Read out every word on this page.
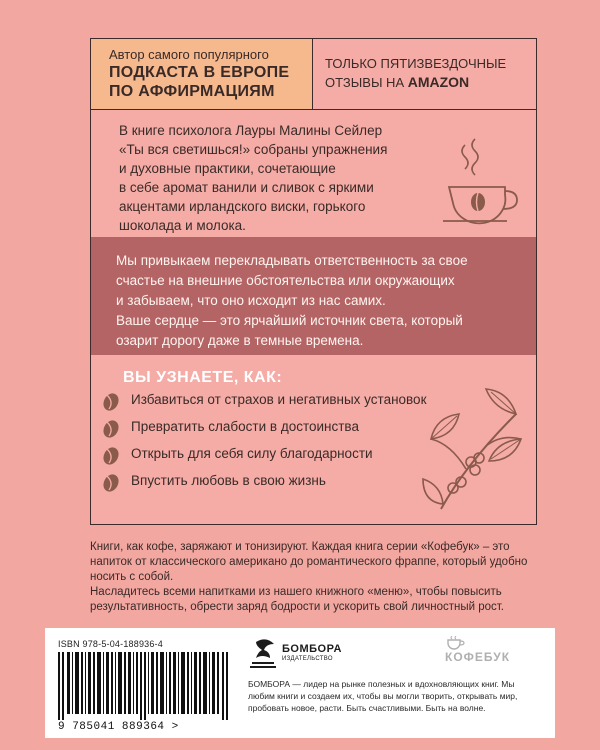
Автор самого популярного
ПОДКАСТА В ЕВРОПЕ
ПО АФФИРМАЦИЯМ
ТОЛЬКО ПЯТИЗВЕЗДОЧНЫЕ
ОТЗЫВЫ НА AMAZON
В книге психолога Лауры Малины Сейлер
«Ты вся светишься!» собраны упражнения
и духовные практики, сочетающие
в себе аромат ванили и сливок с яркими
акцентами ирландского виски, горького
шоколада и молока.
Мы привыкаем перекладывать ответственность за свое
счастье на внешние обстоятельства или окружающих
и забываем, что оно исходит из нас самих.
Ваше сердце — это ярчайший источник света, который
озарит дорогу даже в темные времена.
ВЫ УЗНАЕТЕ, КАК:
Избавиться от страхов и негативных установок
Превратить слабости в достоинства
Открыть для себя силу благодарности
Впустить любовь в свою жизнь
Книги, как кофе, заряжают и тонизируют. Каждая книга серии «Кофебук» – это напиток от классического американо до романтического фраппе, который удобно носить с собой.
Насладитесь всеми напитками из нашего книжного «меню», чтобы повысить результативность, обрести заряд бодрости и ускорить свой личностный рост.
ISBN 978-5-04-188936-4
9 785041 889364 >
БОМБОРА
ИЗДАТЕЛЬСТВО
БОМБОРА — лидер на рынке полезных и вдохновляющих книг. Мы любим книги и создаем их, чтобы вы могли творить, открывать мир, пробовать новое, расти. Быть счастливыми. Быть на волне.
КОФЕБУК
